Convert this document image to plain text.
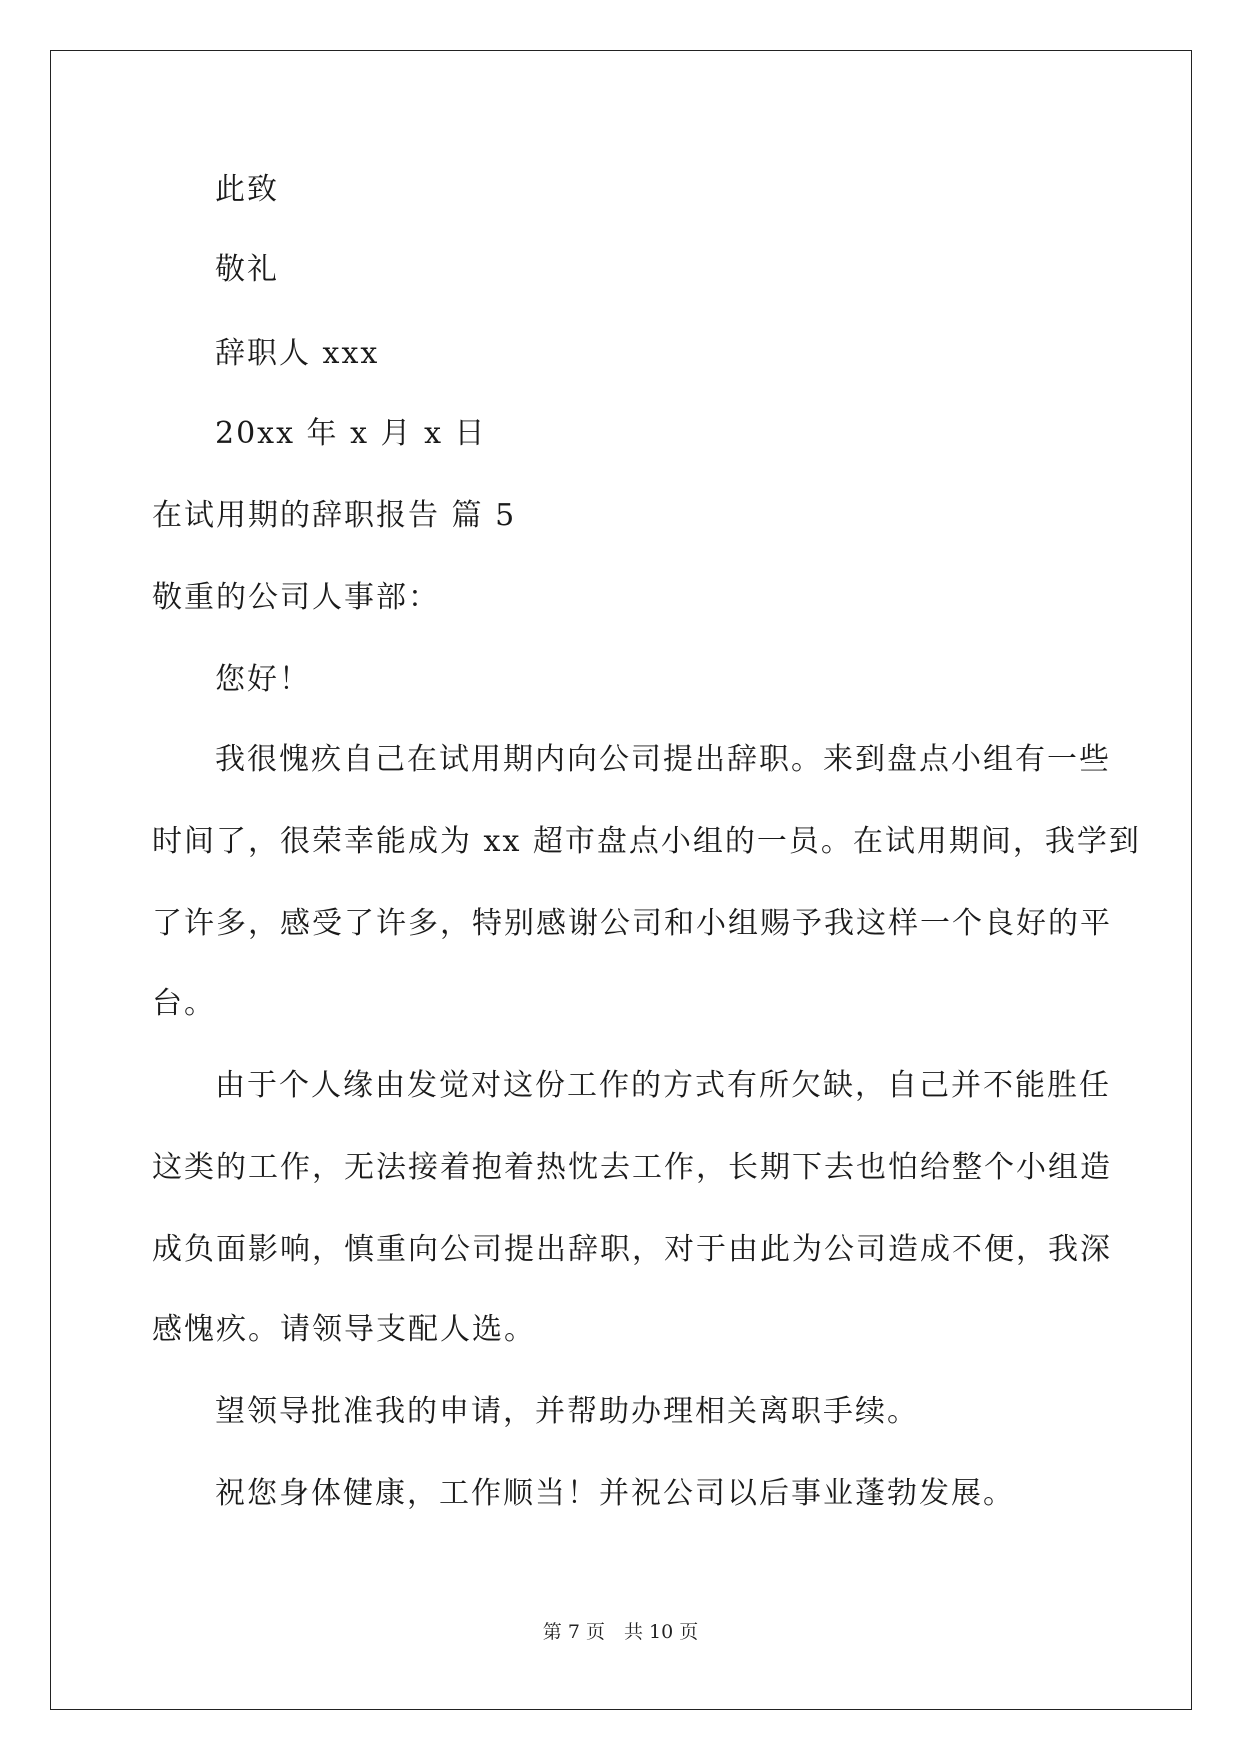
此致
敬礼
辞职人 xxx
20xx 年 x 月 x 日
在试用期的辞职报告 篇 5
敬重的公司人事部：
您好！
我很愧疚自己在试用期内向公司提出辞职。来到盘点小组有一些
时间了，很荣幸能成为 xx 超市盘点小组的一员。在试用期间，我学到
了许多，感受了许多，特别感谢公司和小组赐予我这样一个良好的平
台。
由于个人缘由发觉对这份工作的方式有所欠缺，自己并不能胜任
这类的工作，无法接着抱着热忱去工作，长期下去也怕给整个小组造
成负面影响，慎重向公司提出辞职，对于由此为公司造成不便，我深
感愧疚。请领导支配人选。
望领导批准我的申请，并帮助办理相关离职手续。
祝您身体健康，工作顺当！并祝公司以后事业蓬勃发展。
第 7 页　共 10 页
